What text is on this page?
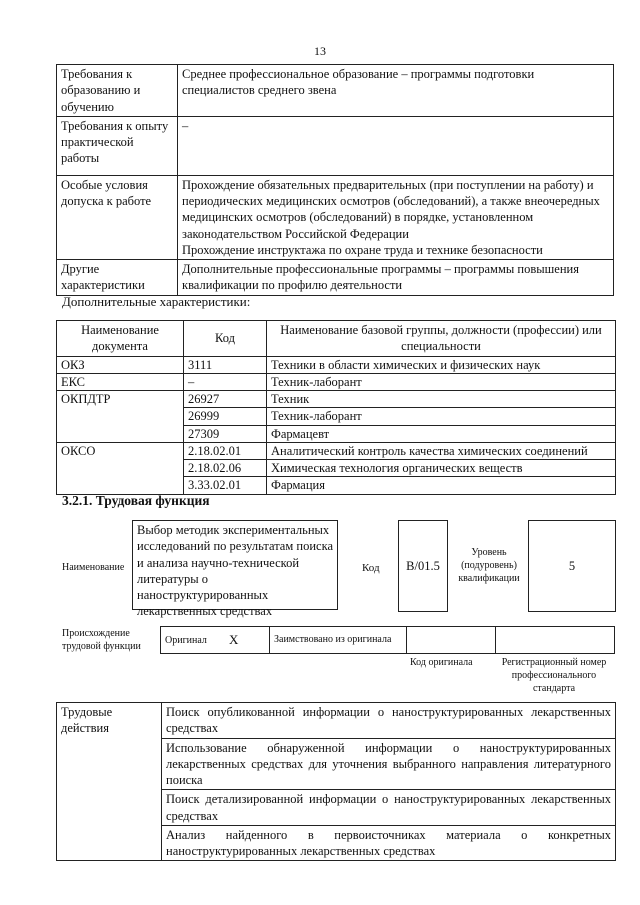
13
Требования к образованию и обучению	Среднее профессиональное образование – программы подготовки специалистов среднего звена
Требования к опыту практической работы	–
Особые условия допуска к работе	Прохождение обязательных предварительных (при поступлении на работу) и периодических медицинских осмотров (обследований), а также внеочередных медицинских осмотров (обследований) в порядке, установленном законодательством Российской Федерации
Прохождение инструктажа по охране труда и технике безопасности

Другие характеристики	Дополнительные профессиональные программы – программы повышения квалификации по профилю деятельности
Дополнительные характеристики:
Наименование документа	Код	Наименование базовой группы, должности (профессии) или специальности
ОКЗ	3111	Техники в области химических и физических наук
ЕКС	–	Техник-лаборант
ОКПДТР	26927	Техник
	26999	Техник-лаборант
	27309	Фармацевт
ОКСО	2.18.02.01	Аналитический контроль качества химических соединений
	2.18.02.06	Химическая технология органических веществ
	3.33.02.01	Фармация
3.2.1. Трудовая функция
Наименование
Выбор методик экспериментальных исследований по результатам поиска и анализа научно-технической литературы о наноструктурированных лекарственных средствах
Код	B/01.5
Уровень (подуровень) квалификации
5
Происхождение трудовой функции
Оригинал	X	Заимствовано из оригинала		
Код оригинала	Регистрационный номер профессионального стандарта
Трудовые действия	Поиск опубликованной информации о наноструктурированных лекарственных средствах
Использование обнаруженной информации о наноструктурированных лекарственных средствах для уточнения выбранного направления литературного поиска
Поиск детализированной информации о наноструктурированных лекарственных средствах
Анализ найденного в первоисточниках материала о конкретных наноструктурированных лекарственных средствах
